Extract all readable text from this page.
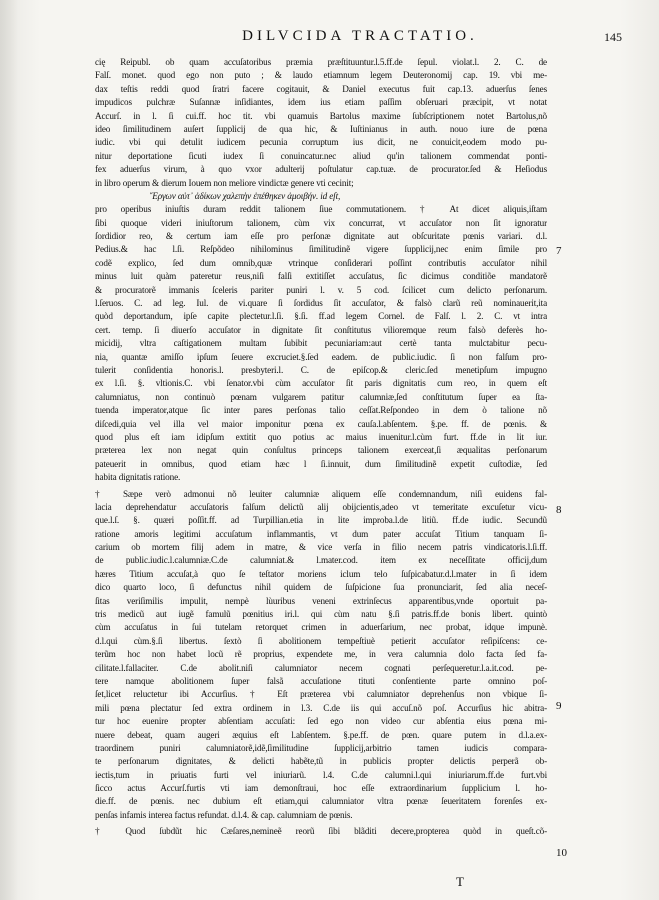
DILVCIDA TRACTATIO.	145
cię Reipubl. ob quam accuſatoribus præmia præſtituuntur.l.5.ff.de ſepul. violat.l. 2. C. de
Falſ. monet. quod ego non puto ; & laudo etiamnum legem Deuteronomij cap. 19. vbi me-
dax teſtis reddi quod ſratri facere cogitauit, & Daniel executus fuit cap.13. aduerſus ſenes
impudicos pulchræ Suſannæ inſidiantes, idem ius etiam paſſim obſeruari præcipit, vt notat
Accurſ. in l. ſi cui.ff. hoc tit. vbi quamuis Bartolus maxime ſubſcriptionem notet Bartolus,nõ
ideo ſimilitudinem auſert ſupplicij de qua hic, & Iuſtinianus in auth. nouo iure de pœna
iudic. vbi qui detulit iudicem pecunia corruptum ius dicit, ne conuicit,eodem modo pu-
nitur deportatione ſicuti iudex ſi conuincatur.nec aliud qu'in talionem commendat ponti-
fex aduerſus virum, à quo vxor adulterij poſtulatur cap.tuæ. de procurator.ſed & Heſiodus
in libro operum & dierum Iouem non meliore vindictæ genere vti cecinit;
Ἔργων αὐτ᾽ ἀδίκων χαλεπὴν ἐπέθηκεν ἀμοιβήν. id eſt,
pro operibus iniuſtis duram reddit talionem ſiue commutationem. † At dicet aliquis,iſtam
ſibi quoque videri iniuſtorum talionem, cùm vix concurrat, vt accuſator non ſit ignoratur
ſordidior reo, & certum iam eſſe pro perſonæ dignitate aut obſcuritate pœnis variari. d.l.
Pedius.& hac l.ſi. Reſpõdeo nihilominus ſimilitudinẽ vigere ſupplicij,nec enim ſimile pro
codẽ explico, ſed dum omnib,quæ vtrinque conſiderari poſſint contributis accuſator nihil
minus luit quàm pateretur reus,niſi falſi extitiſſet accuſatus, ſic dicimus conditiõe mandatorẽ
& procuratorẽ immanis ſceleris pariter puniri l. v. 5 cod. ſcilicet cum delicto perſonarum.
l.ſeruos. C. ad leg. Iul. de vi.quare ſi ſordidus ſit accuſator, & falsò clarũ reũ nominauerit,ita
quòd deportandum, ipſe capite plectetur.l.ſi. §.ſi. ff.ad legem Cornel. de Falſ. l. 2. C. vt intra
cert. temp. ſi diuerſo accuſator in dignitate ſit conſtitutus vilioremque reum falsò deferès ho-
micidij, vltra caſtigationem multam ſubibit pecuniariam:aut certè tanta mulctabitur pecu-
nia, quantæ amiſſo ipſum ſeuere excruciet.§.ſed eadem. de public.iudic. ſi non falſum pro-
tulerit conſidentia honoris.l. presbyteri.l. C. de epiſcop.& cleric.ſed menetipſum impugno
ex l.ſi. §. vltionis.C. vbi ſenator.vbi cùm accuſator ſit paris dignitatis cum reo, in quem eſt
calumniatus, non continuò pœnam vulgarem patitur calumniæ,ſed conſtitutum ſuper ea ſta-
tuenda imperator,atque ſic inter pares perſonas talio ceſſat.Reſpondeo in dem ò talione nõ
diſcedi,quia vel illa vel maior imponitur pœna ex cauſa.l.abſentem. §.pe. ff. de pœnis. &
quod plus eſt iam idipſum extitit quo potius ac maius inuenitur.l.cùm furt. ff.de in lit iur.
præterea lex non negat quin conſultus princeps talionem exerceat,ſi æqualitas perſonarum
pateuerit in omnibus, quod etiam hæc l ſi.innuit, dum ſimilitudinẽ expetit cuſtodiæ, ſed
habita dignitatis ratione.
† Sæpe verò admonui nõ leuiter calumniæ aliquem eſſe condemnandum, niſi euidens fal-
lacia deprehendatur accuſatoris falſum delictũ alij obijcientis,adeo vt temeritate excuſetur vicu-
que.l.ſ. §. quæri poſſit.ff. ad Turpillian.etia in lite improba.l.de litiũ. ff.de iudic. Secundũ
ratione amoris legitimi accuſatum inflammantis, vt dum pater accuſat Titium tanquam ſi-
carium ob mortem filij adem in matre, & vice verſa in filio necem patris vindicatoris.l.ſi.ff.
de public.iudic.l.calumniæ.C.de calumniat.& l.mater.cod. item ex neceſſitate officij,dum
hæres Titium accuſat,à quo ſe teſtator moriens iclum telo ſuſpicabatur.d.l.mater in ſi idem
dico quarto loco, ſi defunctus nihil quidem de ſuſpicione ſua pronunciarit, ſed alia neceſ-
ſitas veriſimilis impulit, nempè lùuribus veneni extrinſecus apparentibus,vnde oportuit pa-
tris medicũ aut iugẽ famulũ pœnitius iri.l. qui cùm natu §.ſi patris.ff.de bonis libert. quintò
cùm accuſatus in ſui tutelam retorquet crimen in aduerſarium, nec probat, idque impunè.
d.l.qui cùm.§.ſi libertus. ſextò ſi abolitionem tempeſtiuè petierit accuſator reſipiſcens: ce-
terũm hoc non habet locũ rẽ proprius, expendete me, in vera calumnia dolo facta ſed fa-
cilitate.l.fallaciter. C.de abolit.niſi calumniator necem cognati perſequeretur.l.a.it.cod. pe-
tere namque abolitionem ſuper falsã accuſatione tituti conſentiente parte omnino poſ-
ſet,licet reluctetur ibi Accurſius. † Eſt præterea vbi calumniator deprehenſus non vbique ſi-
mili pœna plectatur ſed extra ordinem in l.3. C.de iis qui accuſ.nõ poſ. Accurſius hic abitra-
tur hoc euenire propter abſentiam accuſati: ſed ego non video cur abſentia eius pœna mi-
nuere debeat, quam augeri æquius eſt l.abſentem. §.pe.ff. de pœn. quare putem in d.l.a.ex-
traordinem puniri calumniatorẽ,idẽ,ſimilitudine ſupplicij,arbitrio tamen iudicis compara-
te perſonarum dignitates, & delicti habẽte,tũ in publicis propter delictis perperã ob-
iectis,tum in priuatis furti vel iniuriarũ. l.4. C.de calumni.l.qui iniuriarum.ff.de furt.vbi
ſicco actus Accurſ.furtis vti iam demonſtraui, hoc eſſe extraordinarium ſupplicium l. ho-
die.ff. de pœnis. nec dubium eſt etiam,qui calumniator vltra pœnæ ſeueritatem forenſes ex-
penſas infamis interea factus refundat. d.l.4. & cap. calumniam de pœnis.
† Quod ſubdũt hic Cæſares,nemineẽ reorũ ſibi blãditi decere,propterea quòd in queſt.cõ-
7
8
9
10
T
